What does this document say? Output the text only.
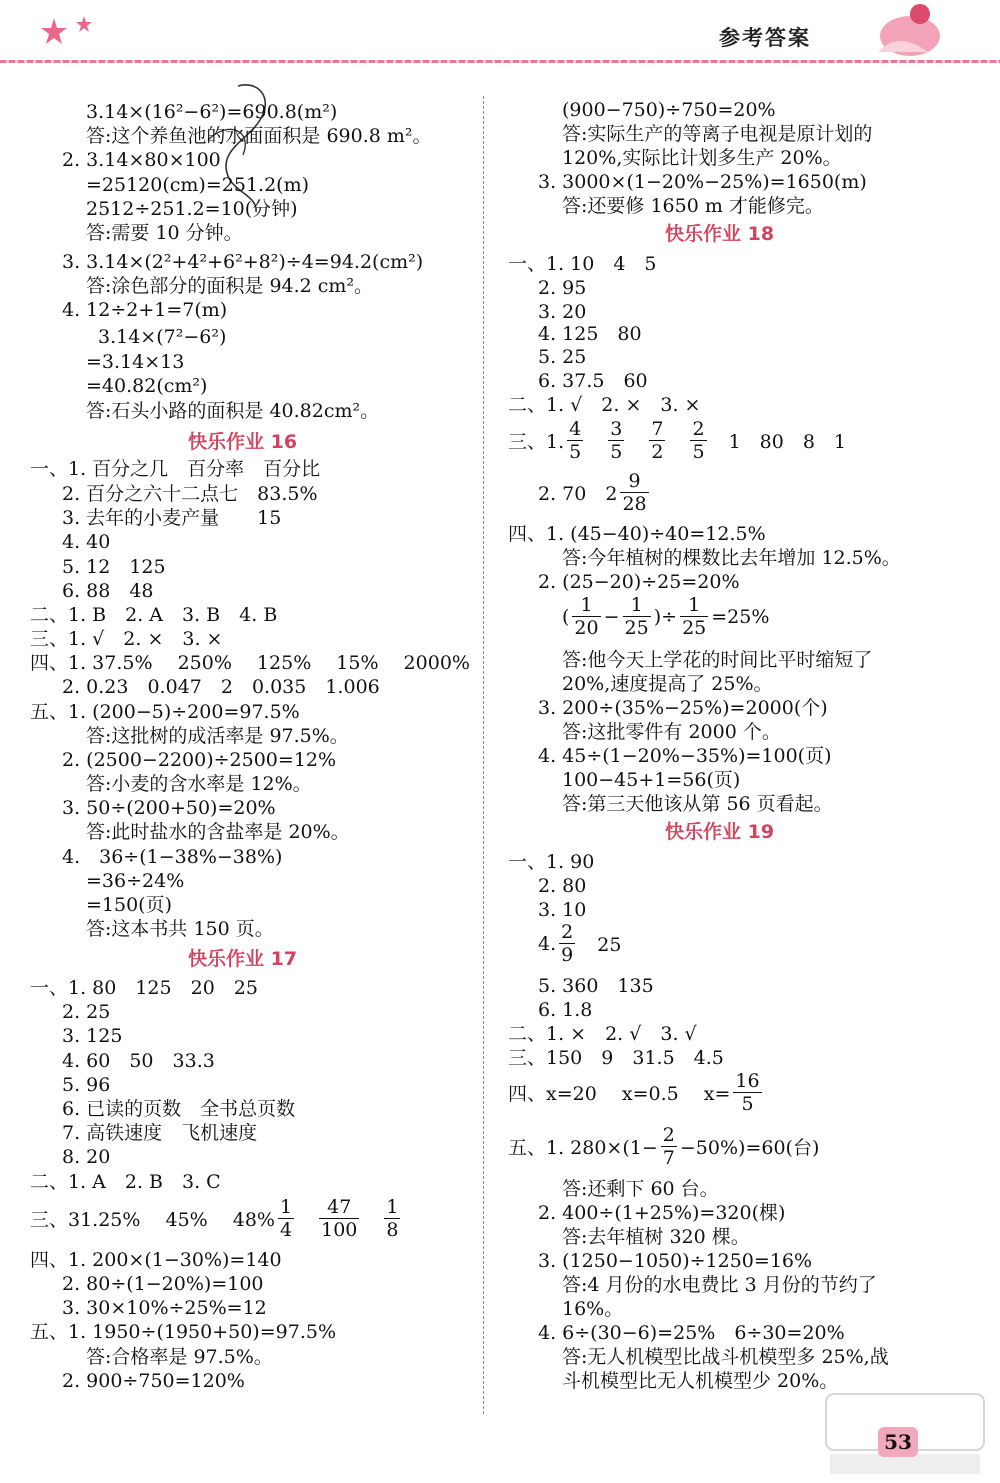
参考答案
3.14×(16²−6²)=690.8(m²)
答:这个养鱼池的水面面积是 690.8 m²。
2. 3.14×80×100
=25120(cm)=251.2(m)
2512÷251.2=10(分钟)
答:需要 10 分钟。
3. 3.14×(2²+4²+6²+8²)÷4=94.2(cm²)
答:涂色部分的面积是 94.2 cm²。
4. 12÷2+1=7(m)
3.14×(7²−6²)
=3.14×13
=40.82(cm²)
答:石头小路的面积是 40.82cm²。
一、1. 百分之几　百分率　百分比
2. 百分之六十二点七　83.5%
3. 去年的小麦产量　　15
4. 40
5. 12　125
6. 88　48
二、1. B　2. A　3. B　4. B
三、1. √　2. ×　3. ×
四、1. 37.5%　 250%　 125%　 15%　 2000%
2. 0.23　0.047　2　0.035　1.006
五、1. (200−5)÷200=97.5%
答:这批树的成活率是 97.5%。
2. (2500−2200)÷2500=12%
答:小麦的含水率是 12%。
3. 50÷(200+50)=20%
答:此时盐水的含盐率是 20%。
4.　36÷(1−38%−38%)
=36÷24%
=150(页)
答:这本书共 150 页。
一、1. 80　125　20　25
2. 25
3. 125
4. 60　50　33.3
5. 96
6. 已读的页数　全书总页数
7. 高铁速度　飞机速度
8. 20
二、1. A　2. B　3. C
四、1. 200×(1−30%)=140
2. 80÷(1−20%)=100
3. 30×10%÷25%=12
五、1. 1950÷(1950+50)=97.5%
答:合格率是 97.5%。
2. 900÷750=120%
(900−750)÷750=20%
答:实际生产的等离子电视是原计划的
120%,实际比计划多生产 20%。
3. 3000×(1−20%−25%)=1650(m)
答:还要修 1650 m 才能修完。
一、1. 10　4　5
2. 95
3. 20
4. 125　80
5. 25
6. 37.5　60
二、1. √　2. ×　3. ×
四、1. (45−40)÷40=12.5%
答:今年植树的棵数比去年增加 12.5%。
2. (25−20)÷25=20%
答:他今天上学花的时间比平时缩短了
20%,速度提高了 25%。
3. 200÷(35%−25%)=2000(个)
答:这批零件有 2000 个。
4. 45÷(1−20%−35%)=100(页)
100−45+1=56(页)
答:第三天他该从第 56 页看起。
一、1. 90
2. 80
3. 10
5. 360　135
6. 1.8
二、1. ×　2. √　3. √
三、150　9　31.5　4.5
答:还剩下 60 台。
2. 400÷(1+25%)=320(棵)
答:去年植树 320 棵。
3. (1250−1050)÷1250=16%
答:4 月份的水电费比 3 月份的节约了
16%。
4. 6÷(30−6)=25%　6÷30=20%
答:无人机模型比战斗机模型多 25%,战
斗机模型比无人机模型少 20%。
快乐作业 16
快乐作业 17
快乐作业 18
快乐作业 19
三、31.25%　 45%　 $48\% \frac{1}{4}$
　 $\frac{47}{100}$
　 $\frac{1}{8}$
三、1. $\frac{4}{5}$
　 $\frac{3}{5}$
　 $\frac{7}{2}$
　 $\frac{2}{5}$ 　1　80　8　1
2. 70　$2 \frac{9}{28}$
( $\frac{1}{20} - \frac{1}{25}$ )÷ $\frac{1}{25} =25\%$
4. $\frac{2}{9}$ 　25
四、x=20　 x=0.5　 $x= \frac{16}{5}$
五、1. $280\times(1- \frac{2}{7} -50\%)=60$(台)
53
